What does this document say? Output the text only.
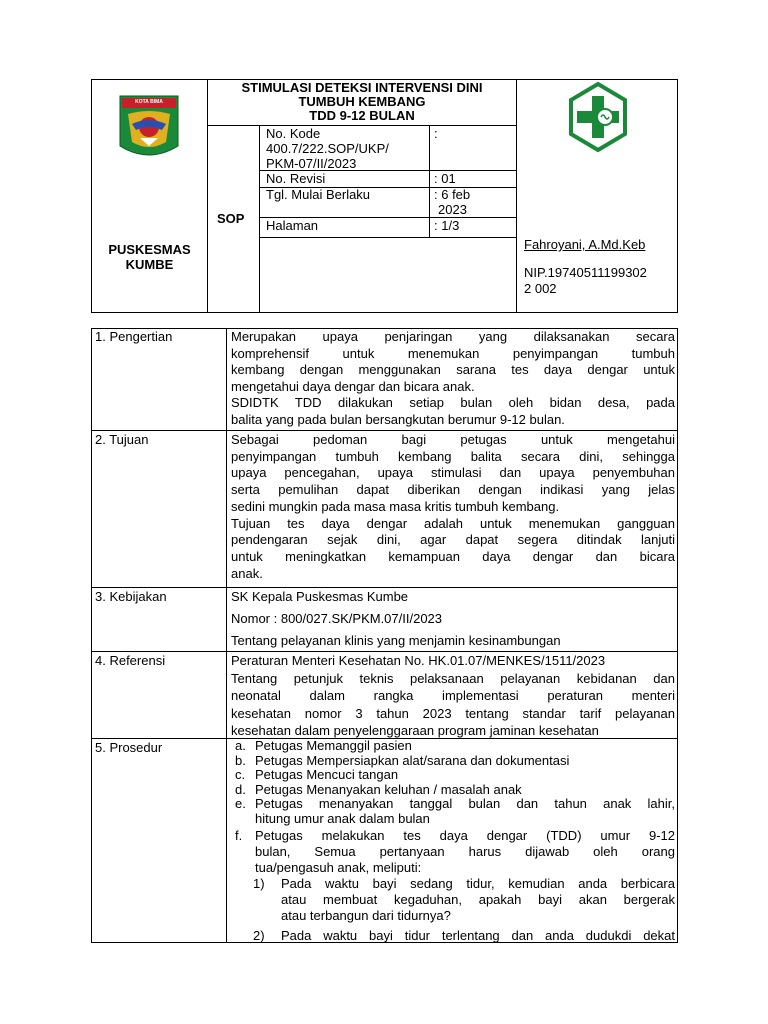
KOTA BIMA
PUSKESMAS KUMBE
STIMULASI DETEKSI INTERVENSI DINI
TUMBUH KEMBANG
TDD 9-12 BULAN
SOP
No. Kode
400.7/222.SOP/UKP/
PKM-07/II/2023
:
No. Revisi	: 01
Tgl. Mulai Berlaku	: 6 feb
2023
Halaman	: 1/3
Fahroyani, A.Md.Keb
NIP.19740511199302
2 002
1. Pengertian	Merupakan upaya penjaringan yang dilaksanakan secara

komprehensif untuk menemukan penyimpangan tumbuh

kembang dengan menggunakan sarana tes daya dengar untuk

mengetahui daya dengar dan bicara anak.

SDIDTK TDD dilakukan setiap bulan oleh bidan desa, pada

balita yang pada bulan bersangkutan berumur 9-12 bulan.

2. Tujuan	Sebagai pedoman bagi petugas untuk mengetahui

penyimpangan tumbuh kembang balita secara dini, sehingga

upaya pencegahan, upaya stimulasi dan upaya penyembuhan

serta pemulihan dapat diberikan dengan indikasi yang jelas

sedini mungkin pada masa masa kritis tumbuh kembang.

Tujuan tes daya dengar adalah untuk menemukan gangguan

pendengaran sejak dini, agar dapat segera ditindak lanjuti

untuk meningkatkan kemampuan daya dengar dan bicara

anak.

3. Kebijakan	SK Kepala Puskesmas Kumbe

Nomor : 800/027.SK/PKM.07/II/2023

Tentang pelayanan klinis yang menjamin kesinambungan

4. Referensi	Peraturan Menteri Kesehatan No. HK.01.07/MENKES/1511/2023

Tentang petunjuk teknis pelaksanaan pelayanan kebidanan dan

neonatal dalam rangka implementasi peraturan menteri

kesehatan nomor 3 tahun 2023 tentang standar tarif pelayanan

kesehatan dalam penyelenggaraan program jaminan kesehatan

5. Prosedur	a. Petugas Memanggil pasien
b. Petugas Mempersiapkan alat/sarana dan dokumentasi
c. Petugas Mencuci tangan
d. Petugas Menanyakan keluhan / masalah anak
e. Petugas menanyakan tanggal bulan dan tahun anak lahir,
hitung umur anak dalam bulan
f. Petugas melakukan tes daya dengar (TDD) umur 9-12
bulan, Semua pertanyaan harus dijawab oleh orang
tua/pengasuh anak, meliputi:
1) Pada waktu bayi sedang tidur, kemudian anda berbicara
atau membuat kegaduhan, apakah bayi akan bergerak
atau terbangun dari tidurnya?
2) Pada waktu bayi tidur terlentang dan anda dudukdi dekat
